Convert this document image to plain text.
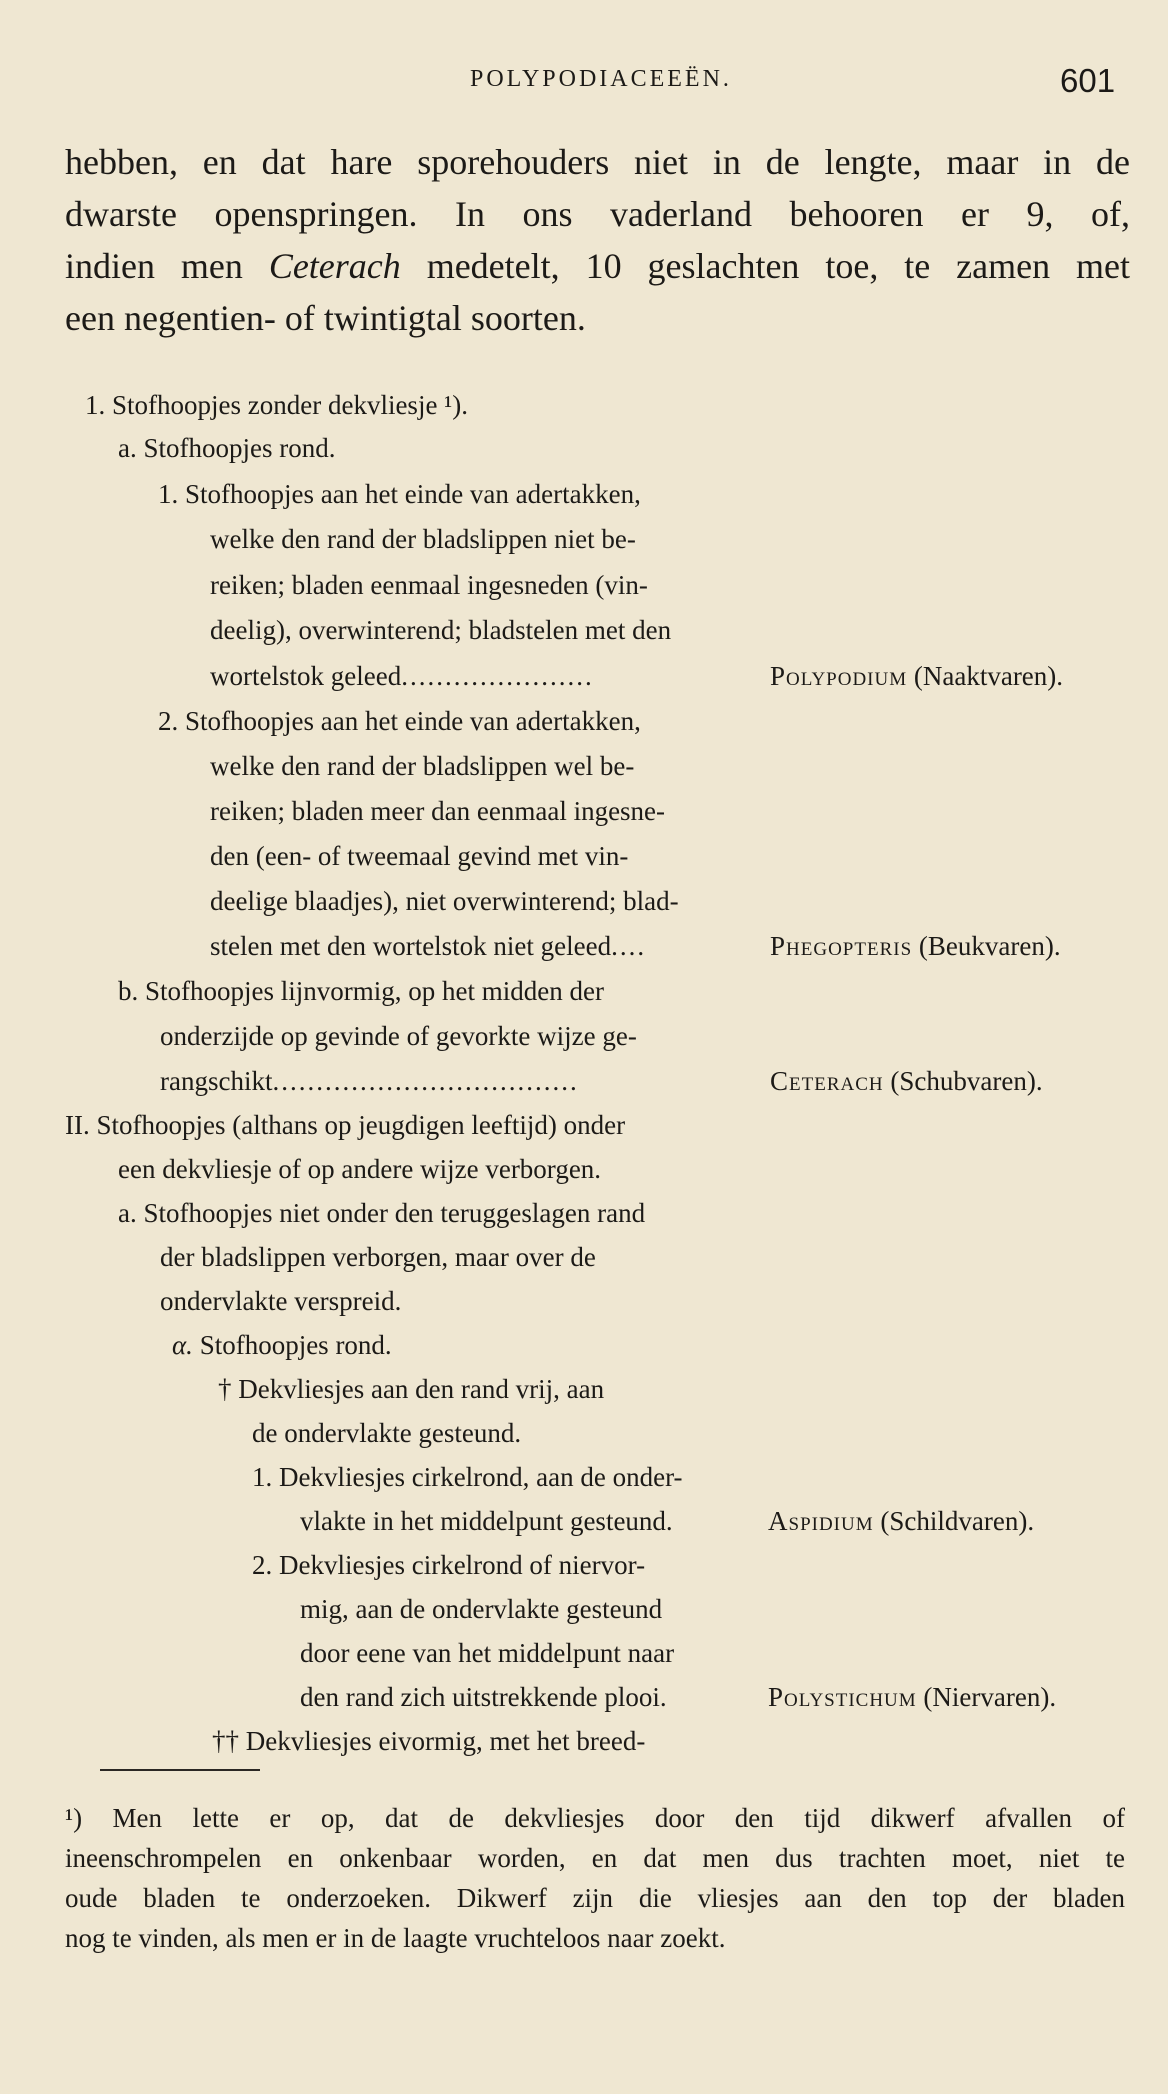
POLYPODIACEEËN.	601
hebben, en dat hare sporehouders niet in de lengte, maar in de
dwarste openspringen. In ons vaderland behooren er 9, of,
indien men Ceterach medetelt, 10 geslachten toe, te zamen met
een negentien- of twintigtal soorten.
1. Stofhoopjes zonder dekvliesje ¹).
a. Stofhoopjes rond.
1. Stofhoopjes aan het einde van adertakken,
welke den rand der bladslippen niet be-
reiken; bladen eenmaal ingesneden (vin-
deelig), overwinterend; bladstelen met den
wortelstok geleed......................	Polypodium (Naaktvaren).
2. Stofhoopjes aan het einde van adertakken,
welke den rand der bladslippen wel be-
reiken; bladen meer dan eenmaal ingesne-
den (een- of tweemaal gevind met vin-
deelige blaadjes), niet overwinterend; blad-
stelen met den wortelstok niet geleed....	Phegopteris (Beukvaren).
b. Stofhoopjes lijnvormig, op het midden der
onderzijde op gevinde of gevorkte wijze ge-
rangschikt...................................	Ceterach (Schubvaren).
II. Stofhoopjes (althans op jeugdigen leeftijd) onder
een dekvliesje of op andere wijze verborgen.
a. Stofhoopjes niet onder den teruggeslagen rand
der bladslippen verborgen, maar over de
ondervlakte verspreid.
α. Stofhoopjes rond.
† Dekvliesjes aan den rand vrij, aan
de ondervlakte gesteund.
1. Dekvliesjes cirkelrond, aan de onder-
vlakte in het middelpunt gesteund.	Aspidium (Schildvaren).
2. Dekvliesjes cirkelrond of niervor-
mig, aan de ondervlakte gesteund
door eene van het middelpunt naar
den rand zich uitstrekkende plooi.	Polystichum (Niervaren).
†† Dekvliesjes eivormig, met het breed-
¹) Men lette er op, dat de dekvliesjes door den tijd dikwerf afvallen of
ineenschrompelen en onkenbaar worden, en dat men dus trachten moet, niet te
oude bladen te onderzoeken. Dikwerf zijn die vliesjes aan den top der bladen
nog te vinden, als men er in de laagte vruchteloos naar zoekt.
